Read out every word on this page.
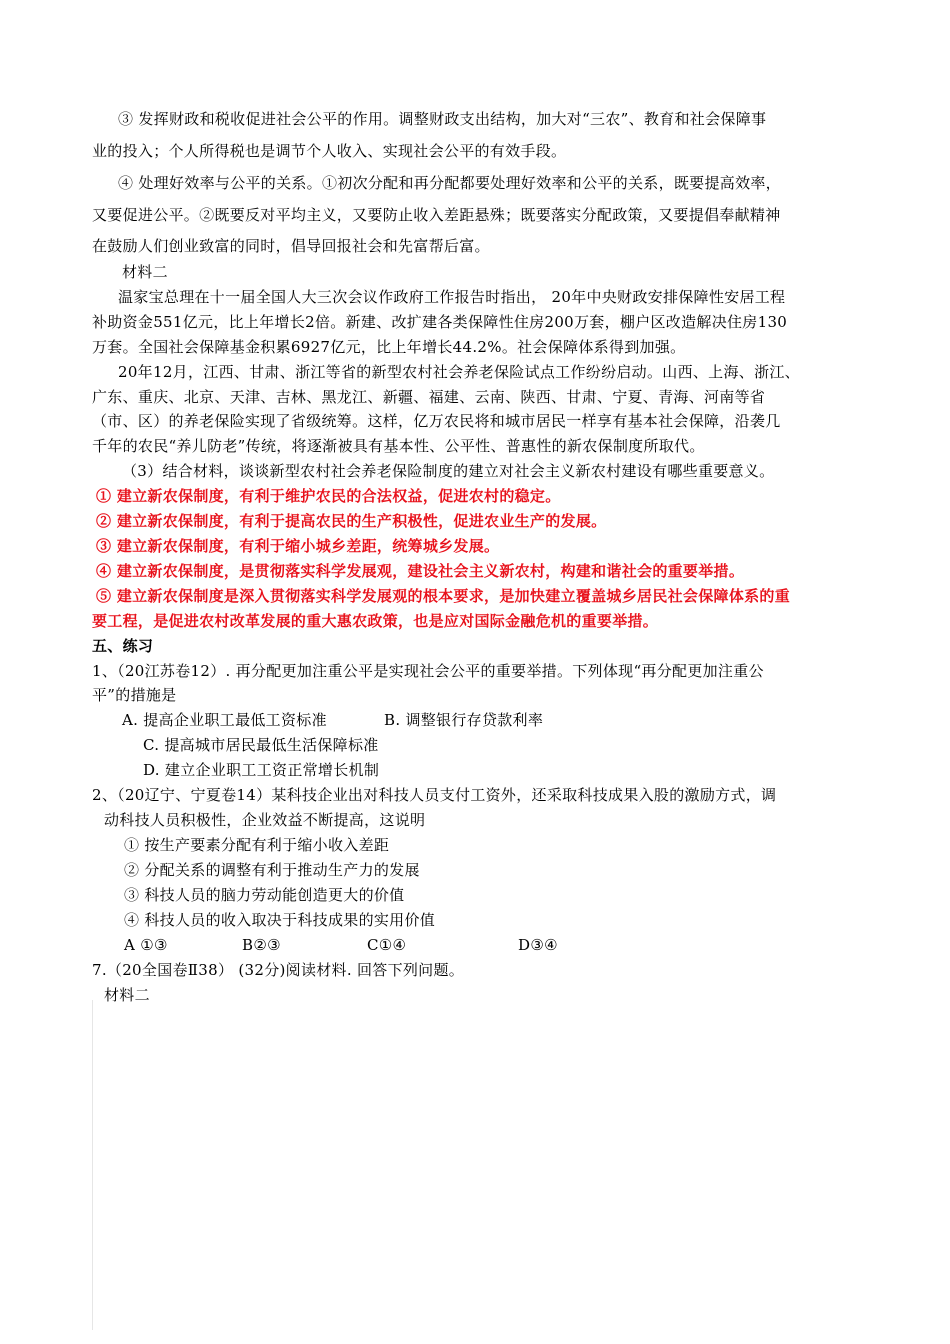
③ 发挥财政和税收促进社会公平的作用。调整财政支出结构，加大对“三农”、教育和社会保障事
业的投入；个人所得税也是调节个人收入、实现社会公平的有效手段。
④ 处理好效率与公平的关系。①初次分配和再分配都要处理好效率和公平的关系，既要提高效率，
又要促进公平。②既要反对平均主义，又要防止收入差距悬殊；既要落实分配政策，又要提倡奉献精神
在鼓励人们创业致富的同时，倡导回报社会和先富帮后富。
材料二
温家宝总理在十一届全国人大三次会议作政府工作报告时指出， 20年中央财政安排保障性安居工程
补助资金551亿元，比上年增长2倍。新建、改扩建各类保障性住房200万套，棚户区改造解决住房130
万套。全国社会保障基金积累6927亿元，比上年增长44.2%。社会保障体系得到加强。
20年12月，江西、甘肃、浙江等省的新型农村社会养老保险试点工作纷纷启动。山西、上海、浙江、
广东、重庆、北京、天津、吉林、黑龙江、新疆、福建、云南、陕西、甘肃、宁夏、青海、河南等省
（市、区）的养老保险实现了省级统筹。这样，亿万农民将和城市居民一样享有基本社会保障，沿袭几
千年的农民“养儿防老”传统，将逐渐被具有基本性、公平性、普惠性的新农保制度所取代。
（3）结合材料，谈谈新型农村社会养老保险制度的建立对社会主义新农村建设有哪些重要意义。
① 建立新农保制度，有利于维护农民的合法权益，促进农村的稳定。
② 建立新农保制度，有利于提高农民的生产积极性，促进农业生产的发展。
③ 建立新农保制度，有利于缩小城乡差距，统筹城乡发展。
④ 建立新农保制度，是贯彻落实科学发展观，建设社会主义新农村，构建和谐社会的重要举措。
⑤ 建立新农保制度是深入贯彻落实科学发展观的根本要求，是加快建立覆盖城乡居民社会保障体系的重
要工程，是促进农村改革发展的重大惠农政策，也是应对国际金融危机的重要举措。
五、练习
1、（20江苏卷12）. 再分配更加注重公平是实现社会公平的重要举措。下列体现“再分配更加注重公
平”的措施是
A. 提高企业职工最低工资标准	B. 调整银行存贷款利率
C. 提高城市居民最低生活保障标准
D. 建立企业职工工资正常增长机制
2、（20辽宁、宁夏卷14）某科技企业出对科技人员支付工资外，还采取科技成果入股的激励方式，调
动科技人员积极性，企业效益不断提高，这说明
① 按生产要素分配有利于缩小收入差距
② 分配关系的调整有利于推动生产力的发展
③ 科技人员的脑力劳动能创造更大的价值
④ 科技人员的收入取决于科技成果的实用价值
A ①③	B②③	C①④	D③④
7.（20全国卷Ⅱ38） (32分)阅读材料. 回答下列问题。
材料二
